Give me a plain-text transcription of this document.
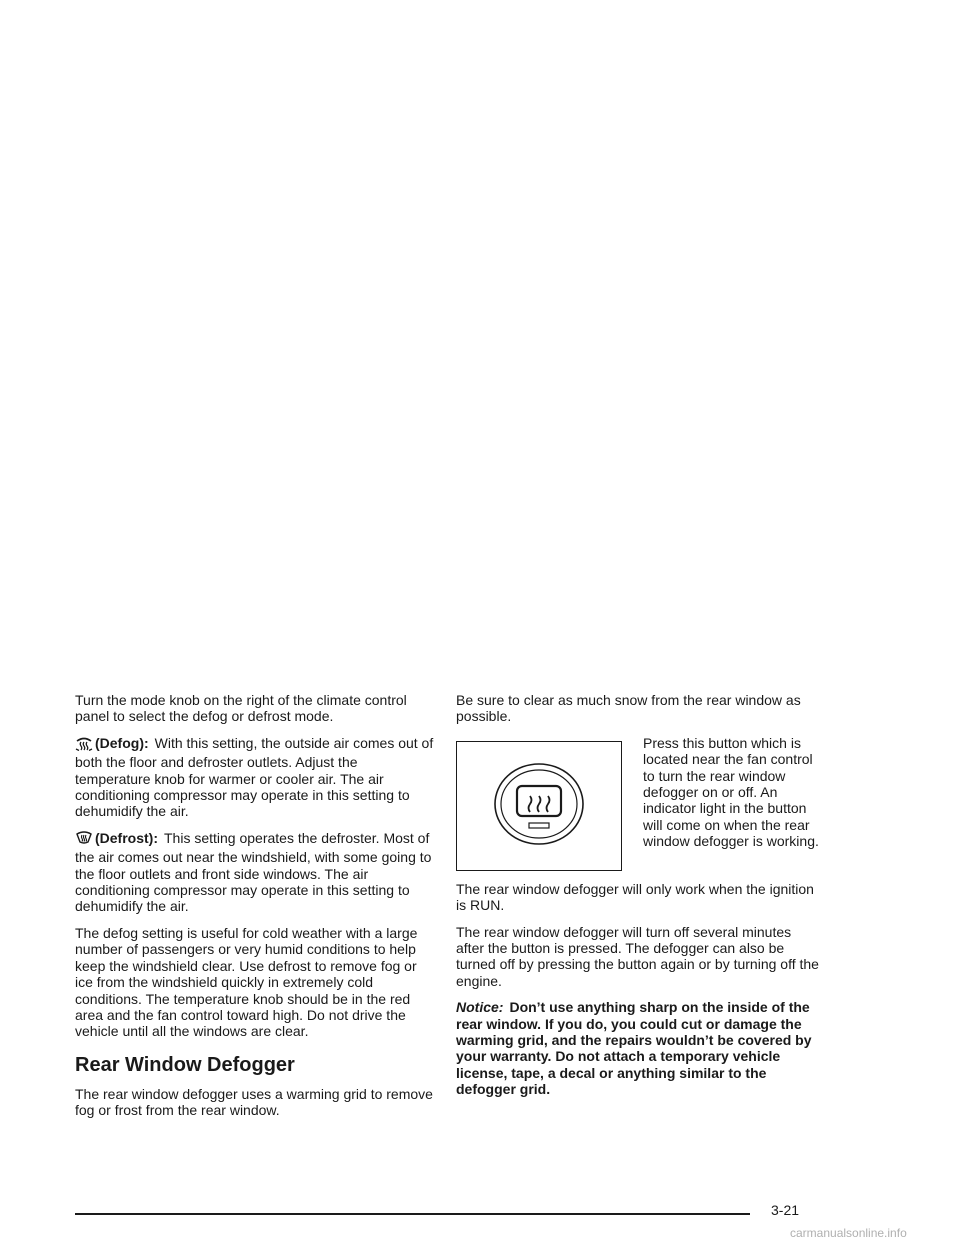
Turn the mode knob on the right of the climate control panel to select the defog or defrost mode.

(Defog): With this setting, the outside air comes out of both the floor and defroster outlets. Adjust the temperature knob for warmer or cooler air. The air conditioning compressor may operate in this setting to dehumidify the air.

(Defrost): This setting operates the defroster. Most of the air comes out near the windshield, with some going to the floor outlets and front side windows. The air conditioning compressor may operate in this setting to dehumidify the air.

The defog setting is useful for cold weather with a large number of passengers or very humid conditions to help keep the windshield clear. Use defrost to remove fog or ice from the windshield quickly in extremely cold conditions. The temperature knob should be in the red area and the fan control toward high. Do not drive the vehicle until all the windows are clear.

Rear Window Defogger

The rear window defogger uses a warming grid to remove fog or frost from the rear window.

Be sure to clear as much snow from the rear window as possible.

Press this button which is located near the fan control to turn the rear window defogger on or off. An indicator light in the button will come on when the rear window defogger is working.

The rear window defogger will only work when the ignition is RUN.

The rear window defogger will turn off several minutes after the button is pressed. The defogger can also be turned off by pressing the button again or by turning off the engine.

Notice: Don’t use anything sharp on the inside of the rear window. If you do, you could cut or damage the warming grid, and the repairs wouldn’t be covered by your warranty. Do not attach a temporary vehicle license, tape, a decal or anything similar to the defogger grid.

3-21
carmanualsonline.info
